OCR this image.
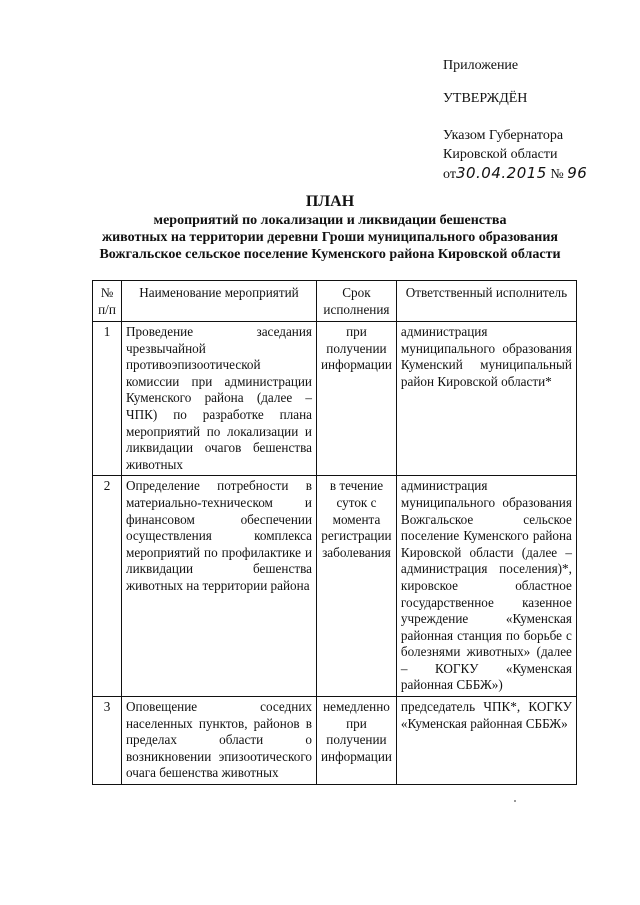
Приложение
УТВЕРЖДЁН
Указом Губернатора
Кировской области
от30.04.2015 № 96
ПЛАН
мероприятий по локализации и ликвидации бешенства
животных на территории деревни Гроши муниципального образования
Вожгальское сельское поселение Куменского района Кировской области
№ п/п	Наименование мероприятий	Срок исполнения	Ответственный исполнитель
1	Проведение заседания чрезвычайной противоэпизоотической комиссии при администрации Куменского района (далее – ЧПК) по разработке плана мероприятий по локализации и ликвидации очагов бешенства животных	при получении информации	администрация муниципального образования Куменский муниципальный район Кировской области*
2	Определение потребности в материально-техническом и финансовом обеспечении осуществления комплекса мероприятий по профилактике и ликвидации бешенства животных на территории района	в течение суток с момента регистрации заболевания	администрация муниципального образования Вожгальское сельское поселение Куменского района Кировской области (далее – администрация поселения)*, кировское областное государственное казенное учреждение «Куменская районная станция по борьбе с болезнями животных» (далее – КОГКУ «Куменская районная СББЖ»)
3	Оповещение соседних населенных пунктов, районов в пределах области о возникновении эпизоотического очага бешенства животных	немедленно при получении информации	председатель ЧПК*, КОГКУ «Куменская районная СББЖ»
